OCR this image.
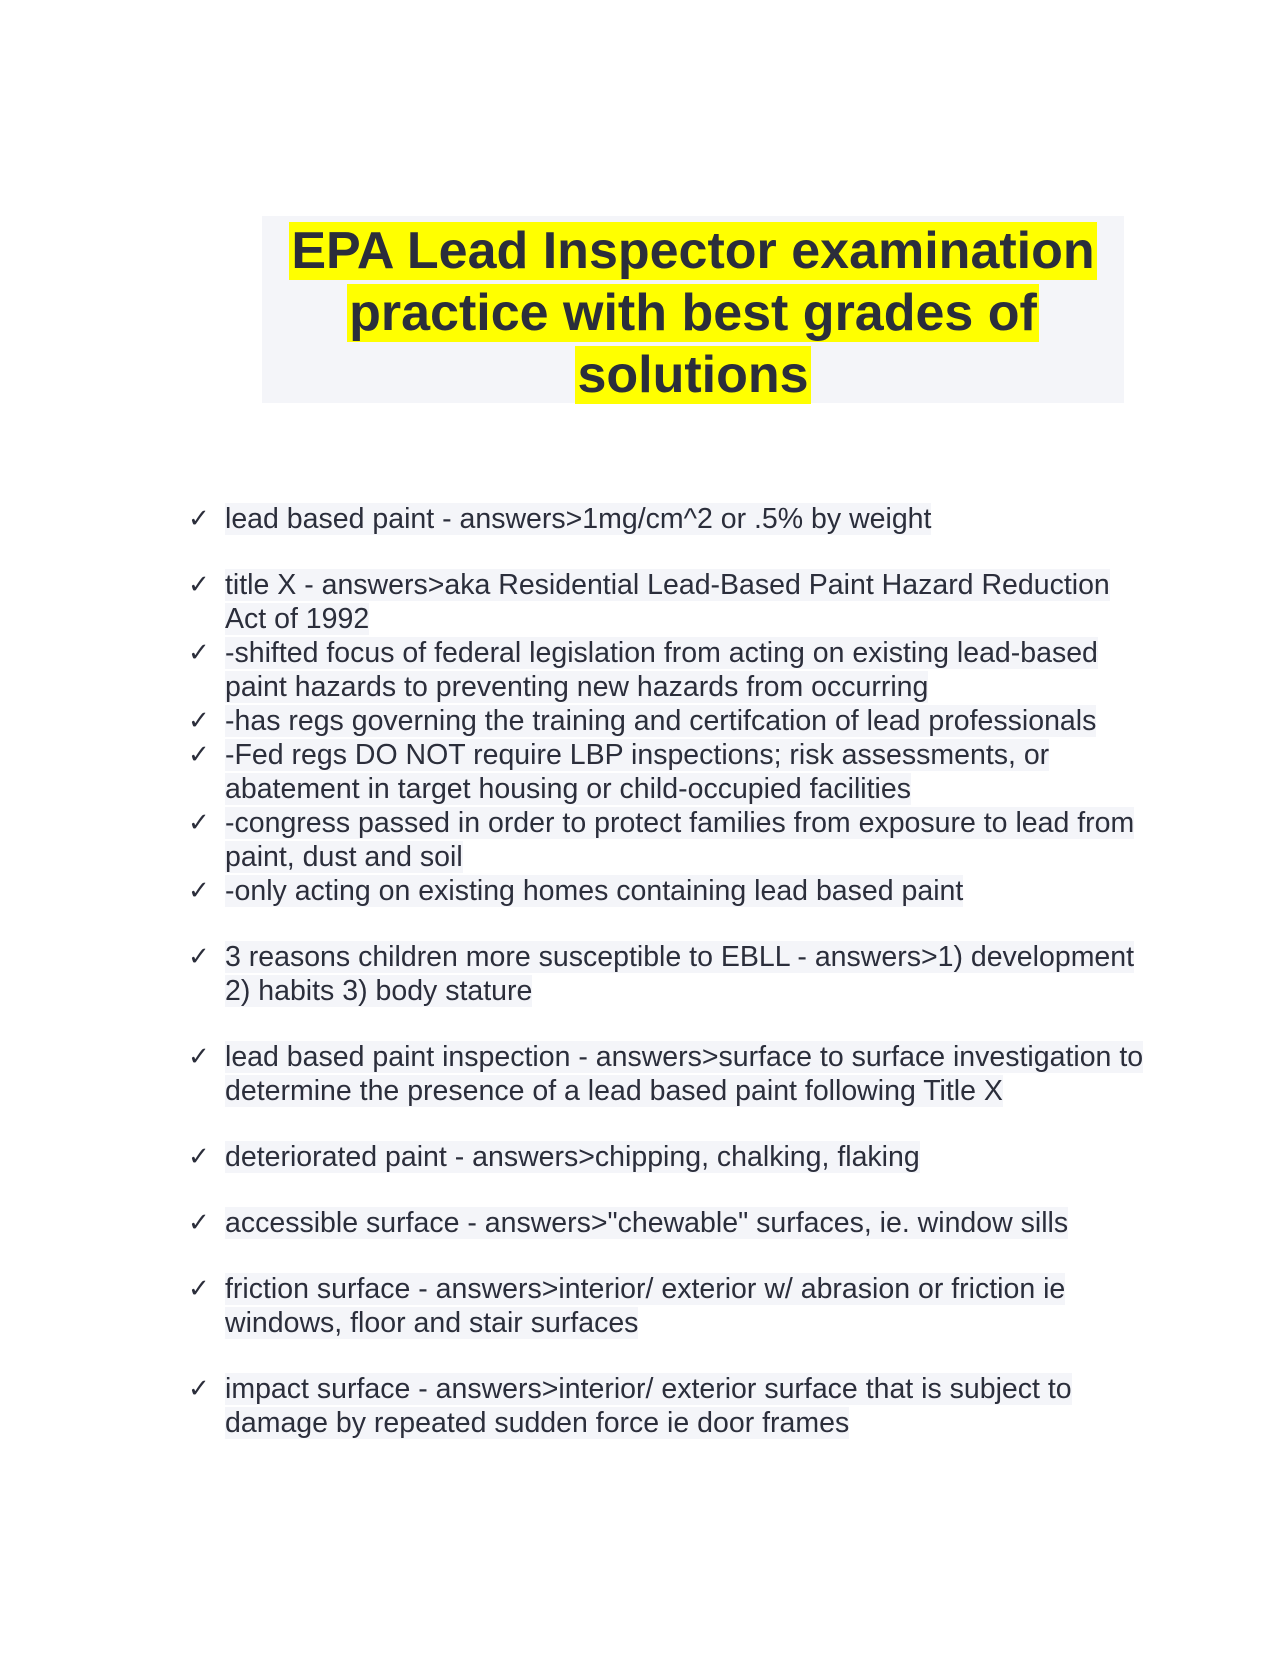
EPA Lead Inspector examination
practice with best grades of
solutions
✓ lead based paint - answers>1mg/cm^2 or .5% by weight
✓ title X - answers>aka Residential Lead-Based Paint Hazard Reduction Act of 1992
✓ -shifted focus of federal legislation from acting on existing lead-based paint hazards to preventing new hazards from occurring
✓ -has regs governing the training and certifcation of lead professionals
✓ -Fed regs DO NOT require LBP inspections; risk assessments, or abatement in target housing or child-occupied facilities
✓ -congress passed in order to protect families from exposure to lead from paint, dust and soil
✓ -only acting on existing homes containing lead based paint
✓ 3 reasons children more susceptible to EBLL - answers>1) development 2) habits 3) body stature
✓ lead based paint inspection - answers>surface to surface investigation to determine the presence of a lead based paint following Title X
✓ deteriorated paint - answers>chipping, chalking, flaking
✓ accessible surface - answers>"chewable" surfaces, ie. window sills
✓ friction surface - answers>interior/ exterior w/ abrasion or friction ie windows, floor and stair surfaces
✓ impact surface - answers>interior/ exterior surface that is subject to damage by repeated sudden force ie door frames
